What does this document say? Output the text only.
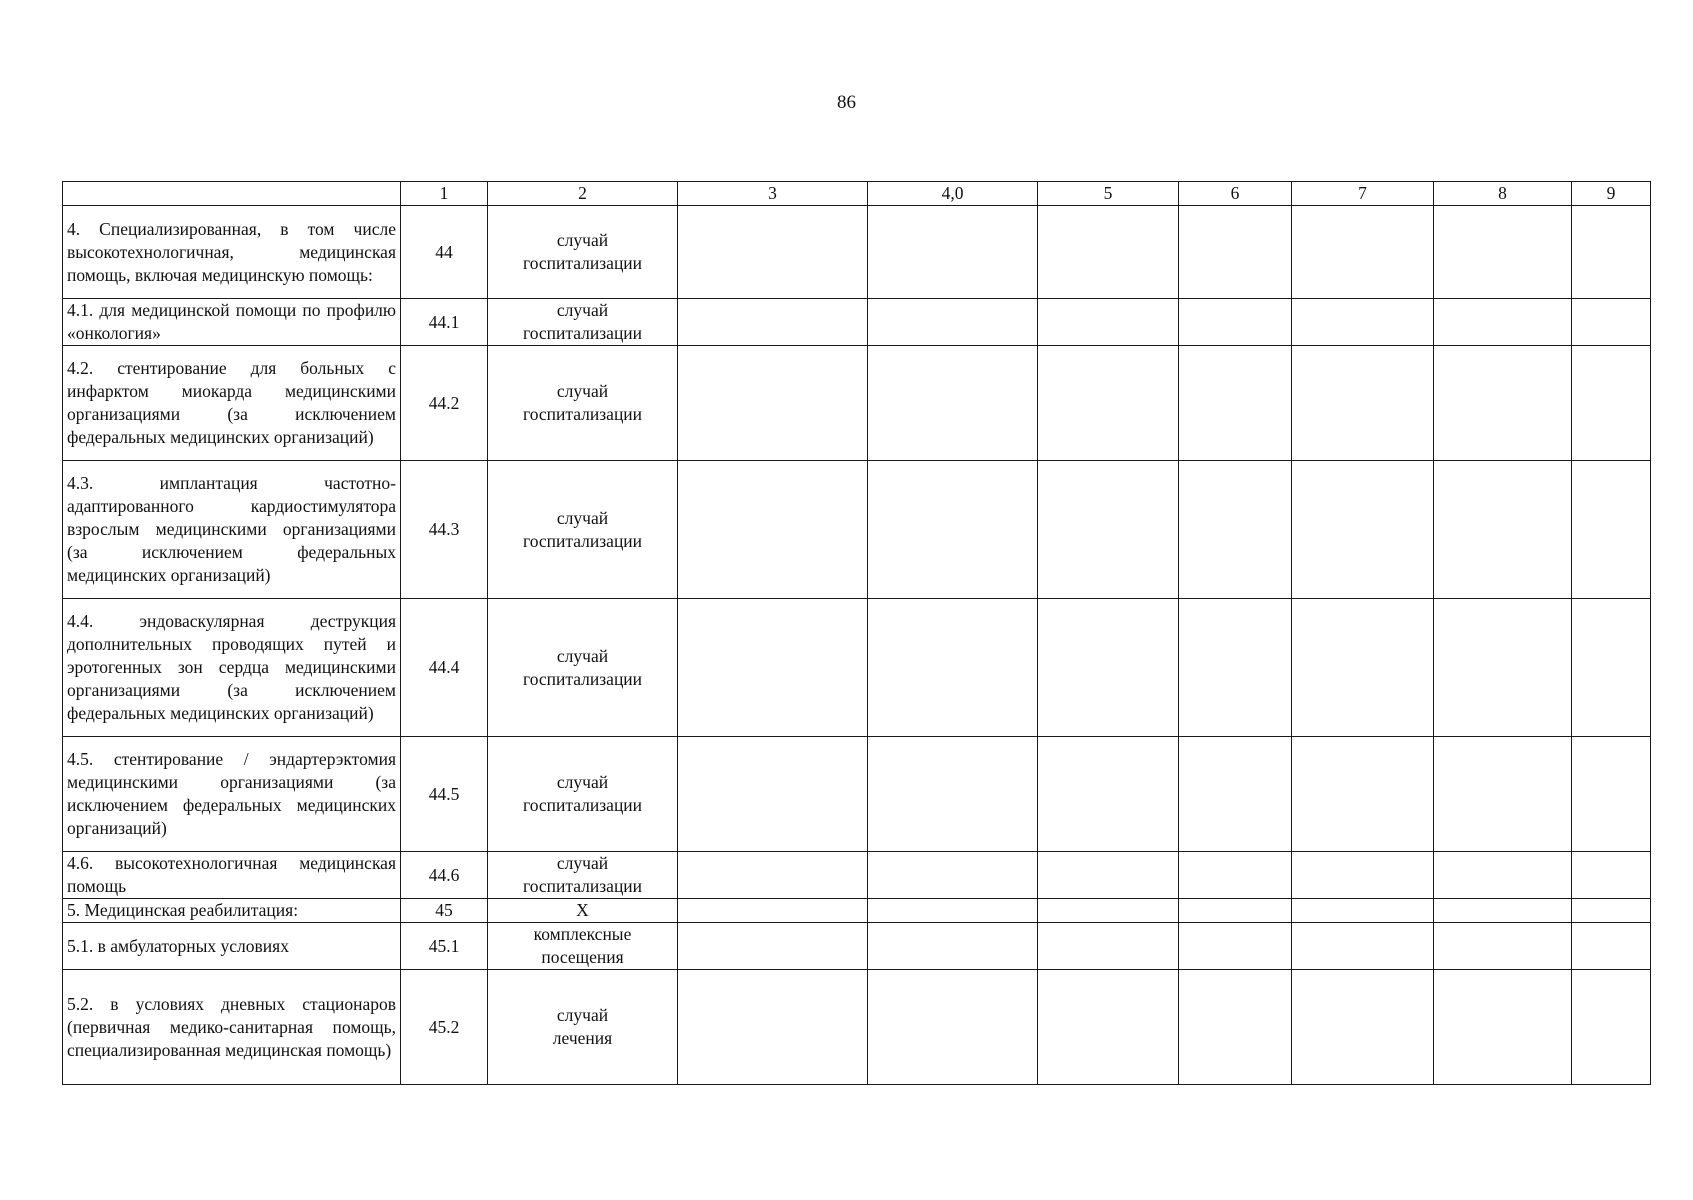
86
	1	2	3	4,0	5	6	7	8	9
4. Специализированная, в том числе высокотехнологичная, медицинская помощь, включая медицинскую помощь:	44	случай
госпитализации							

4.1. для медицинской помощи по профилю «онкология»	44.1	случай
госпитализации							

4.2. стентирование для больных с инфарктом миокарда медицинскими организациями (за исключением федеральных медицинских организаций)	44.2	случай
госпитализации							

4.3. имплантация частотно-адаптированного кардиостимулятора взрослым медицинскими организациями (за исключением федеральных медицинских организаций)	44.3	случай
госпитализации							

4.4. эндоваскулярная деструкция дополнительных проводящих путей и эротогенных зон сердца медицинскими организациями (за исключением федеральных медицинских организаций)	44.4	случай
госпитализации							

4.5. стентирование / эндартерэктомия медицинскими организациями (за исключением федеральных медицинских организаций)	44.5	случай
госпитализации							

4.6. высокотехнологичная медицинская помощь	44.6	случай
госпитализации							

5. Медицинская реабилитация:	45	Х							

5.1. в амбулаторных условиях	45.1	комплексные
посещения							

5.2. в условиях дневных стационаров (первичная медико-санитарная помощь, специализированная медицинская помощь)	45.2	случай
лечения							
